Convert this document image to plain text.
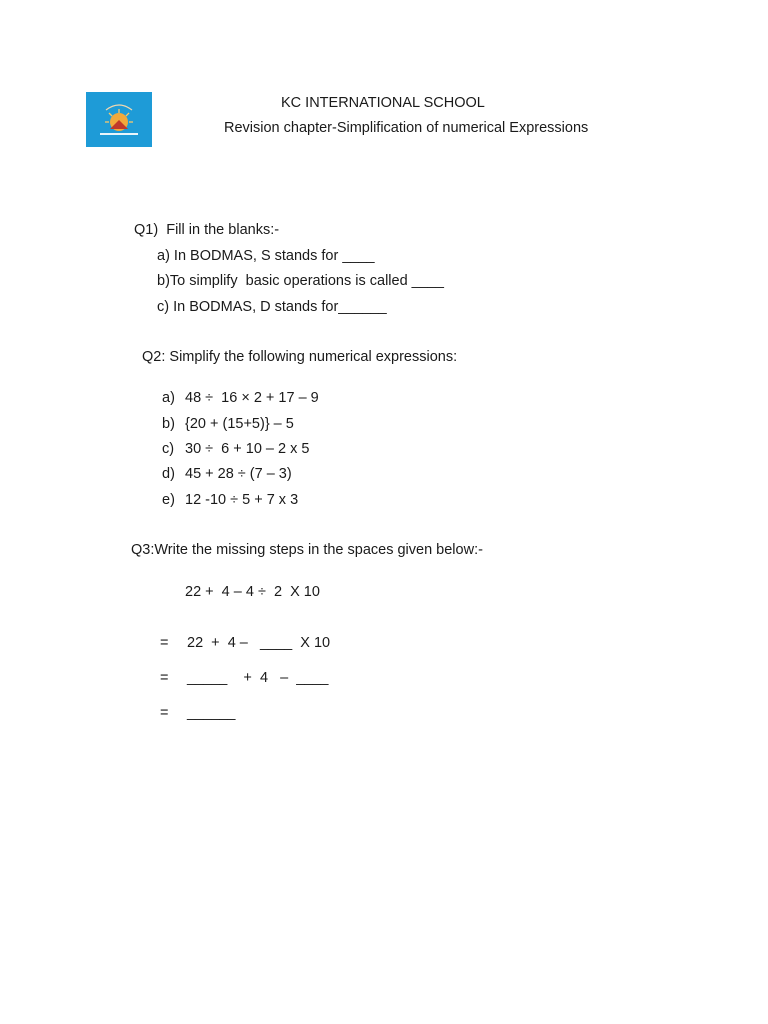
KC INTERNATIONAL SCHOOL
Revision chapter-Simplification of numerical Expressions
Q1)  Fill in the blanks:-
a) In BODMAS, S stands for ____
b)To simplify  basic operations is called ____
c) In BODMAS, D stands for______
Q2: Simplify the following numerical expressions:
a) 48 ÷  16 × 2 + 17 – 9
b) {20 + (15+5)} – 5
c) 30 ÷  6 + 10 – 2 x 5
d) 45 + 28 ÷ (7 – 3)
e) 12 -10 ÷ 5 + 7 x 3
Q3:Write the missing steps in the spaces given below:-
22 +  4 – 4 ÷  2  X 10
= 22  +  4 –   ____  X 10
= _____    +  4   –  ____
= ______
